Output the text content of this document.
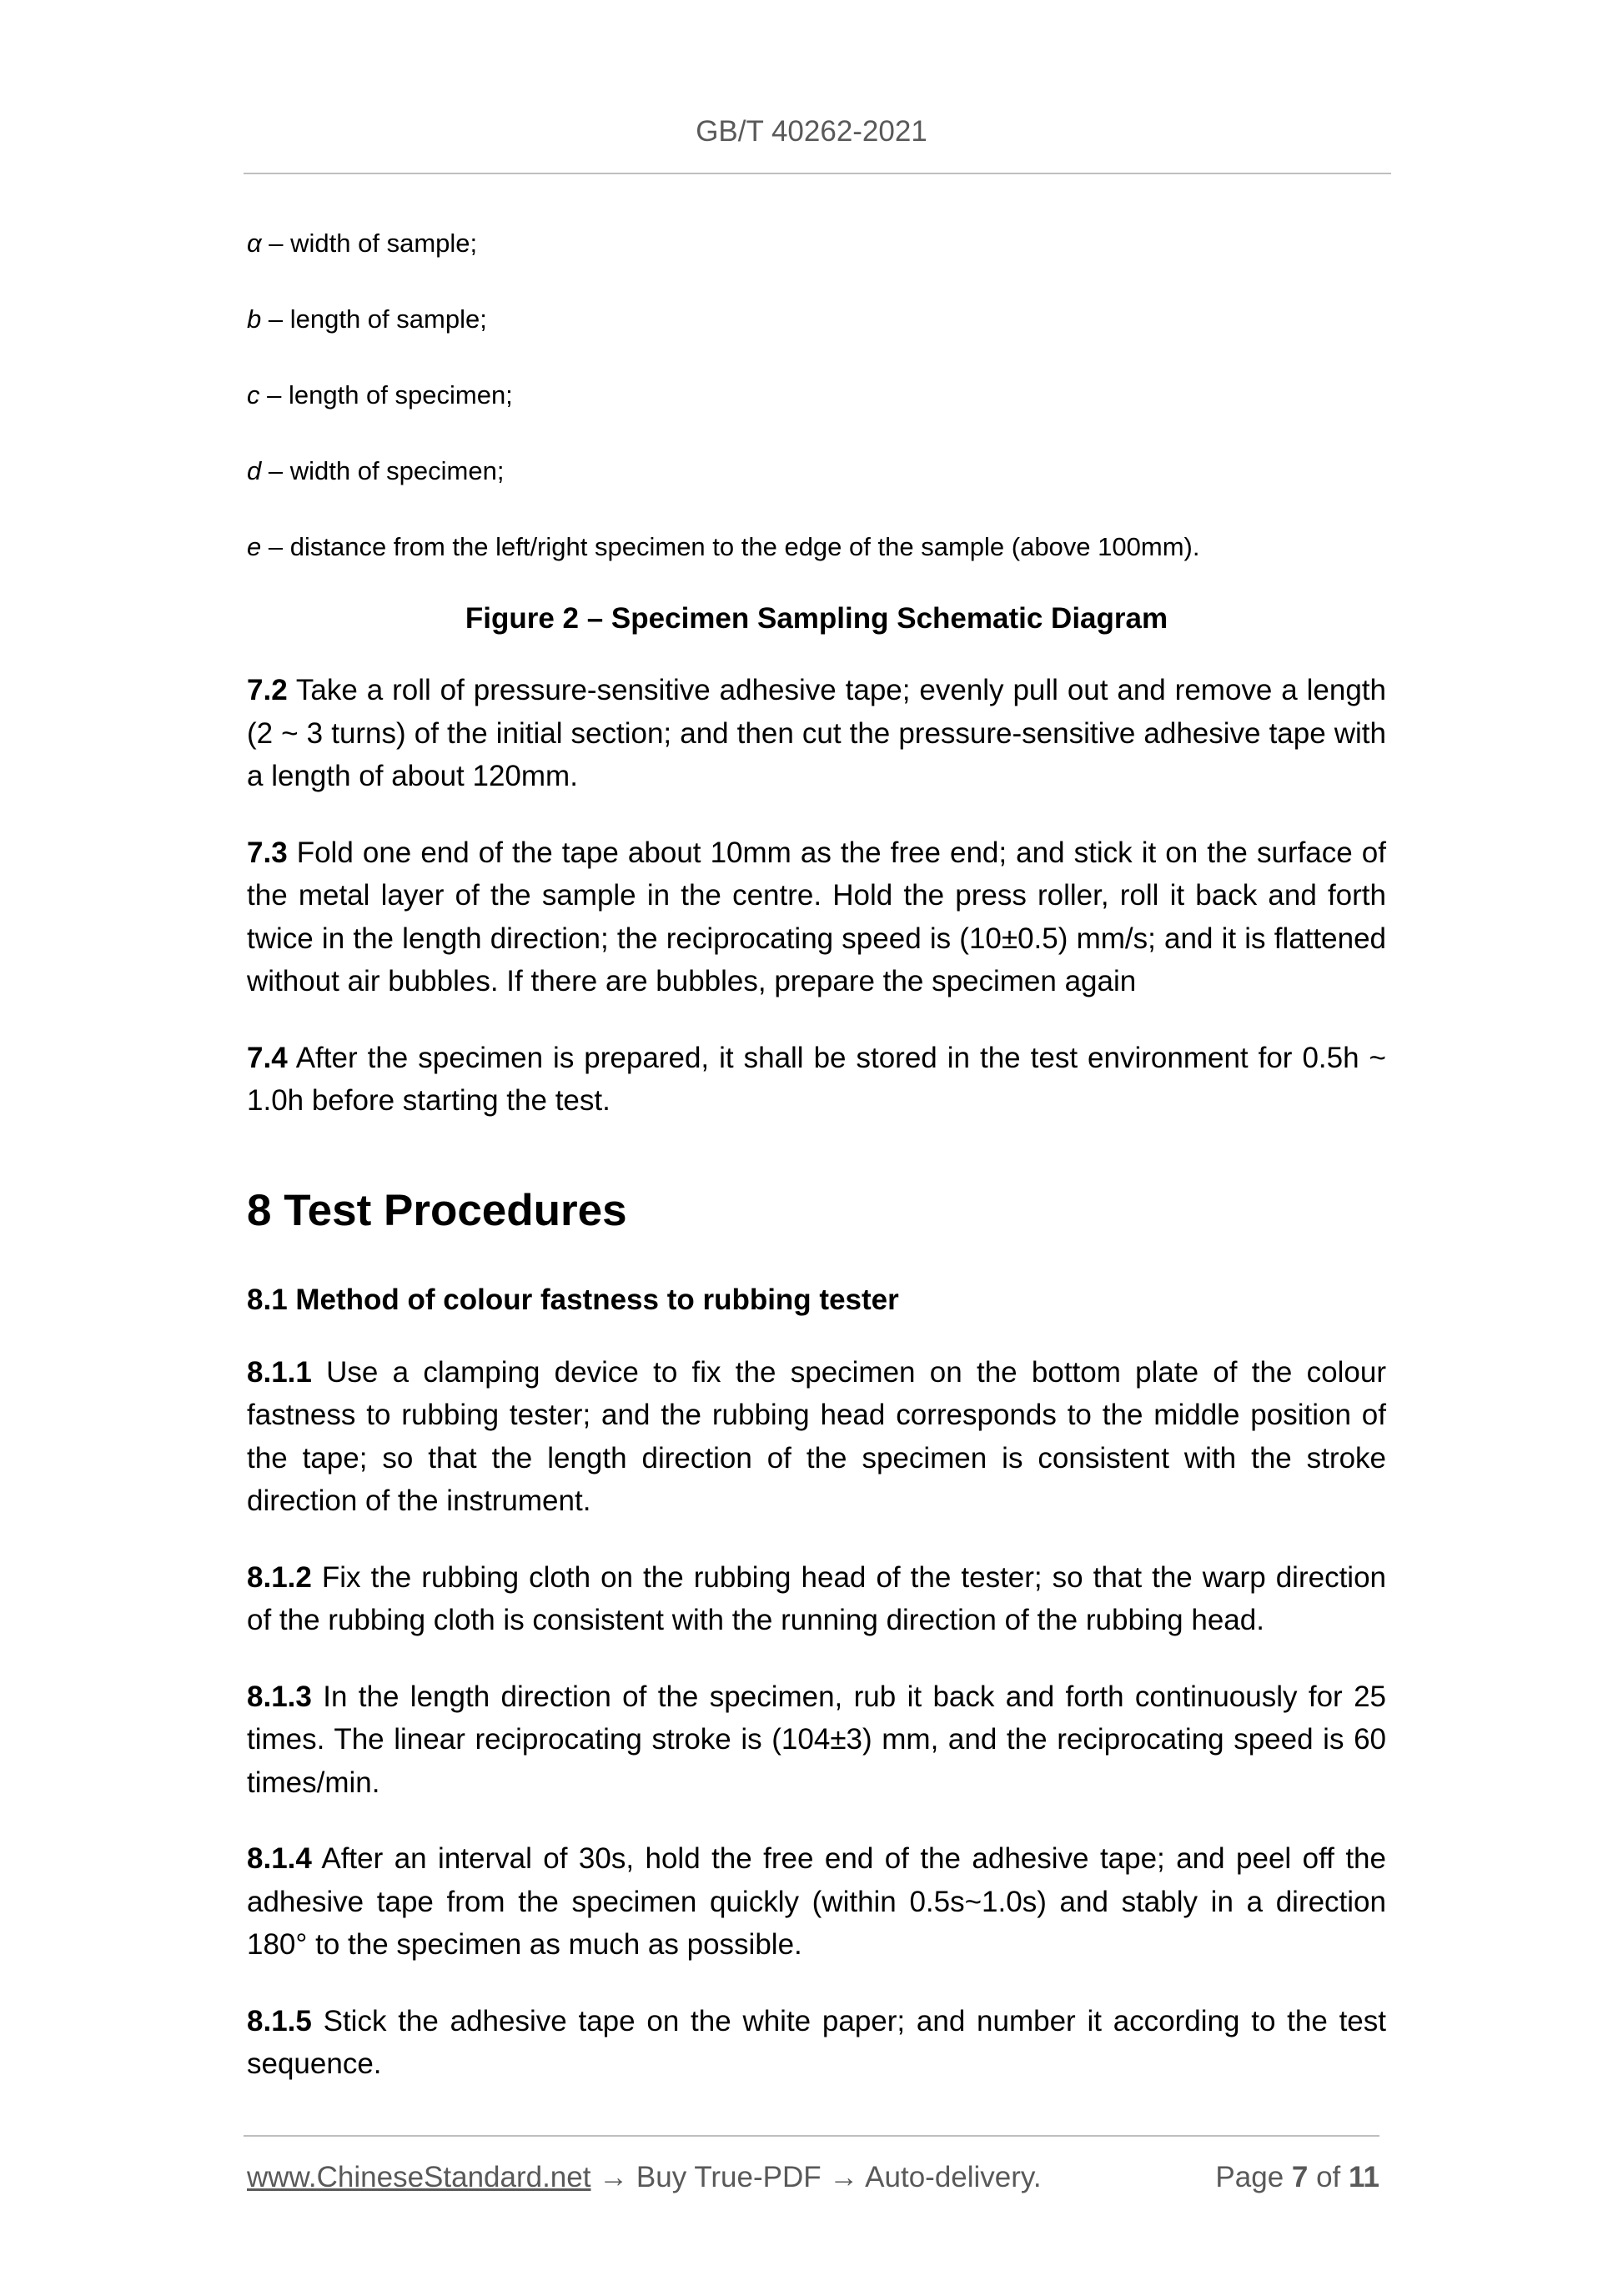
GB/T 40262-2021
α – width of sample;
b – length of sample;
c – length of specimen;
d – width of specimen;
e – distance from the left/right specimen to the edge of the sample (above 100mm).
Figure 2 – Specimen Sampling Schematic Diagram

7.2 Take a roll of pressure-sensitive adhesive tape; evenly pull out and remove a length (2 ~ 3 turns) of the initial section; and then cut the pressure-sensitive adhesive tape with a length of about 120mm.

7.3 Fold one end of the tape about 10mm as the free end; and stick it on the surface of the metal layer of the sample in the centre. Hold the press roller, roll it back and forth twice in the length direction; the reciprocating speed is (10±0.5) mm/s; and it is flattened without air bubbles. If there are bubbles, prepare the specimen again

7.4 After the specimen is prepared, it shall be stored in the test environment for 0.5h ~ 1.0h before starting the test.

8 Test Procedures
8.1 Method of colour fastness to rubbing tester

8.1.1 Use a clamping device to fix the specimen on the bottom plate of the colour fastness to rubbing tester; and the rubbing head corresponds to the middle position of the tape; so that the length direction of the specimen is consistent with the stroke direction of the instrument.

8.1.2 Fix the rubbing cloth on the rubbing head of the tester; so that the warp direction of the rubbing cloth is consistent with the running direction of the rubbing head.

8.1.3 In the length direction of the specimen, rub it back and forth continuously for 25 times. The linear reciprocating stroke is (104±3) mm, and the reciprocating speed is 60 times/min.

8.1.4 After an interval of 30s, hold the free end of the adhesive tape; and peel off the adhesive tape from the specimen quickly (within 0.5s~1.0s) and stably in a direction 180° to the specimen as much as possible.

8.1.5 Stick the adhesive tape on the white paper; and number it according to the test sequence.

www.ChineseStandard.net → Buy True-PDF → Auto-delivery.	Page 7 of 11
